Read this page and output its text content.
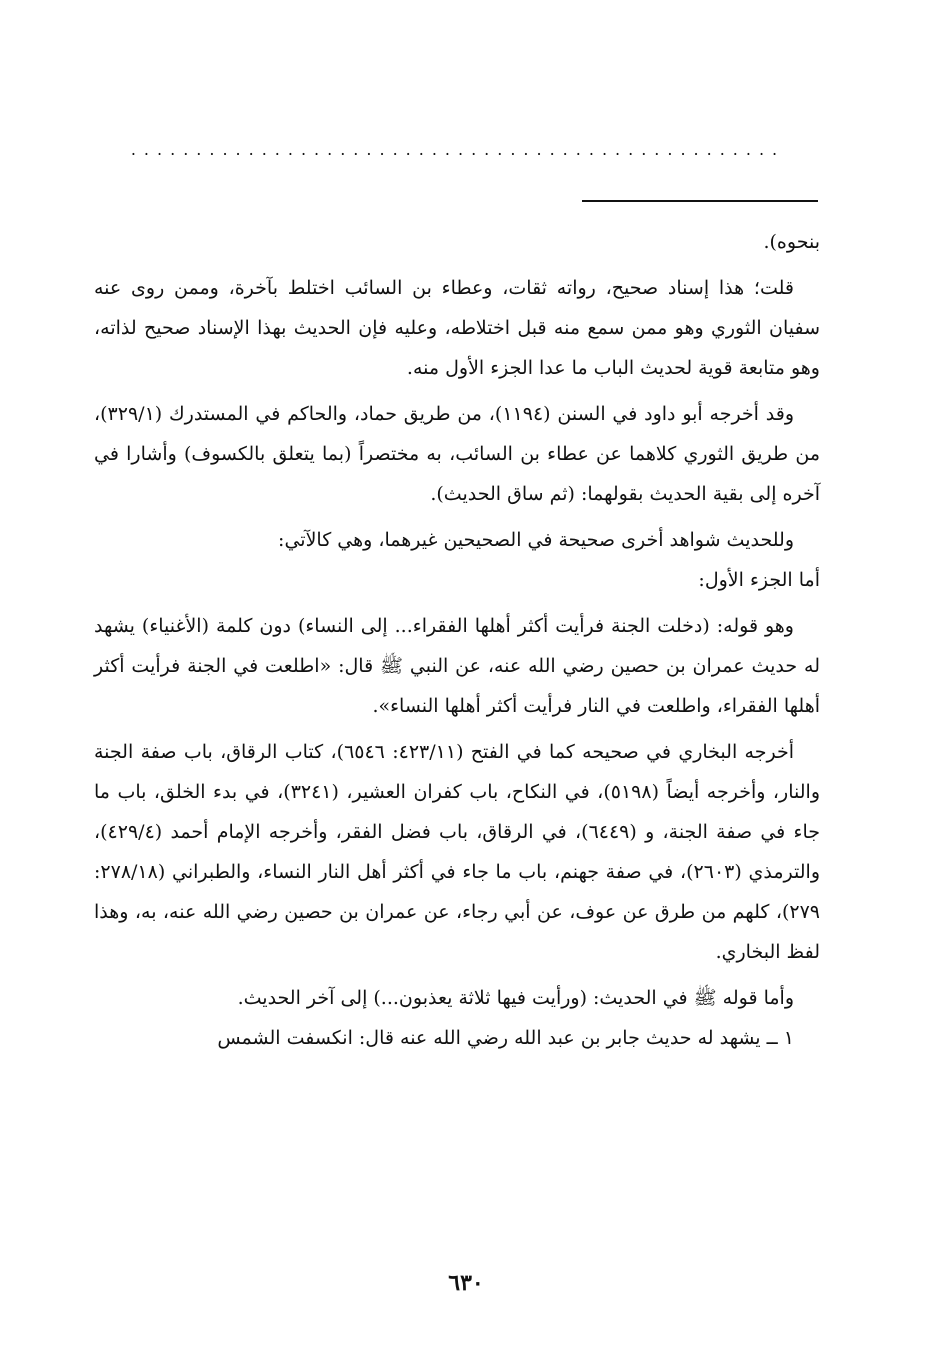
..................................................

بنحوه).

قلت؛ هذا إسناد صحيح، رواته ثقات، وعطاء بن السائب اختلط بآخرة، وممن روى عنه سفيان الثوري وهو ممن سمع منه قبل اختلاطه، وعليه فإن الحديث بهذا الإسناد صحيح لذاته، وهو متابعة قوية لحديث الباب ما عدا الجزء الأول منه.

وقد أخرجه أبو داود في السنن (١١٩٤)، من طريق حماد، والحاكم في المستدرك (٣٢٩/١)، من طريق الثوري كلاهما عن عطاء بن السائب، به مختصراً (بما يتعلق بالكسوف) وأشارا في آخره إلى بقية الحديث بقولهما: (ثم ساق الحديث).

وللحديث شواهد أخرى صحيحة في الصحيحين غيرهما، وهي كالآتي:

أما الجزء الأول:

وهو قوله: (دخلت الجنة فرأيت أكثر أهلها الفقراء... إلى النساء) دون كلمة (الأغنياء) يشهد له حديث عمران بن حصين رضي الله عنه، عن النبي ﷺ قال: «اطلعت في الجنة فرأيت أكثر أهلها الفقراء، واطلعت في النار فرأيت أكثر أهلها النساء».

أخرجه البخاري في صحيحه كما في الفتح (٤٢٣/١١: ٦٥٤٦)، كتاب الرقاق، باب صفة الجنة والنار، وأخرجه أيضاً (٥١٩٨)، في النكاح، باب كفران العشير، (٣٢٤١)، في بدء الخلق، باب ما جاء في صفة الجنة، و (٦٤٤٩)، في الرقاق، باب فضل الفقر، وأخرجه الإمام أحمد (٤٢٩/٤)، والترمذي (٢٦٠٣)، في صفة جهنم، باب ما جاء في أكثر أهل النار النساء، والطبراني (٢٧٨/١٨: ٢٧٩)، كلهم من طرق عن عوف، عن أبي رجاء، عن عمران بن حصين رضي الله عنه، به، وهذا لفظ البخاري.

وأما قوله ﷺ في الحديث: (ورأيت فيها ثلاثة يعذبون...) إلى آخر الحديث.

١ ــ يشهد له حديث جابر بن عبد الله رضي الله عنه قال: انكسفت الشمس

٦٣٠
